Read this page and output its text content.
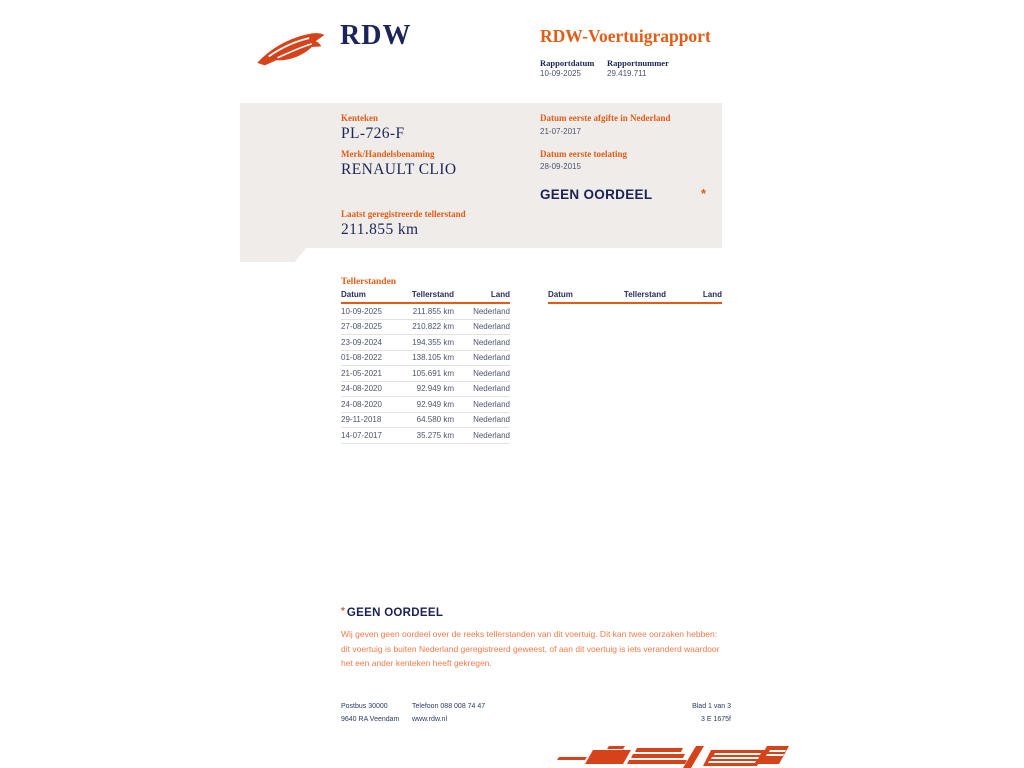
RDW	RDW-Voertuigrapport
Rapportdatum Rapportnummer
10-09-2025	29.419.711
Kenteken
PL-726-F
Merk/Handelsbenaming
RENAULT CLIO
Laatst geregistreerde tellerstand
211.855 km
Datum eerste afgifte in Nederland
21-07-2017
Datum eerste toelating
28-09-2015
GEEN OORDEEL	*
Tellerstanden
Datum	Tellerstand	Land
10-09-2025	211.855 km	Nederland
27-08-2025	210.822 km	Nederland
23-09-2024	194.355 km	Nederland
01-08-2022	138.105 km	Nederland
21-05-2021	105.691 km	Nederland
24-08-2020	92.949 km	Nederland
24-08-2020	92.949 km	Nederland
29-11-2018	64.580 km	Nederland
14-07-2017	35.275 km	Nederland
Datum	Tellerstand	Land
* GEEN OORDEEL
Wij geven geen oordeel over de reeks tellerstanden van dit voertuig. Dit kan twee oorzaken hebben: dit voertuig is buiten Nederland geregistreerd geweest, of aan dit voertuig is iets veranderd waardoor het een ander kenteken heeft gekregen.
Postbus 30000
9640 RA Veendam
Telefoon 088 008 74 47
www.rdw.nl
Blad 1 van 3
3 E 1675f
